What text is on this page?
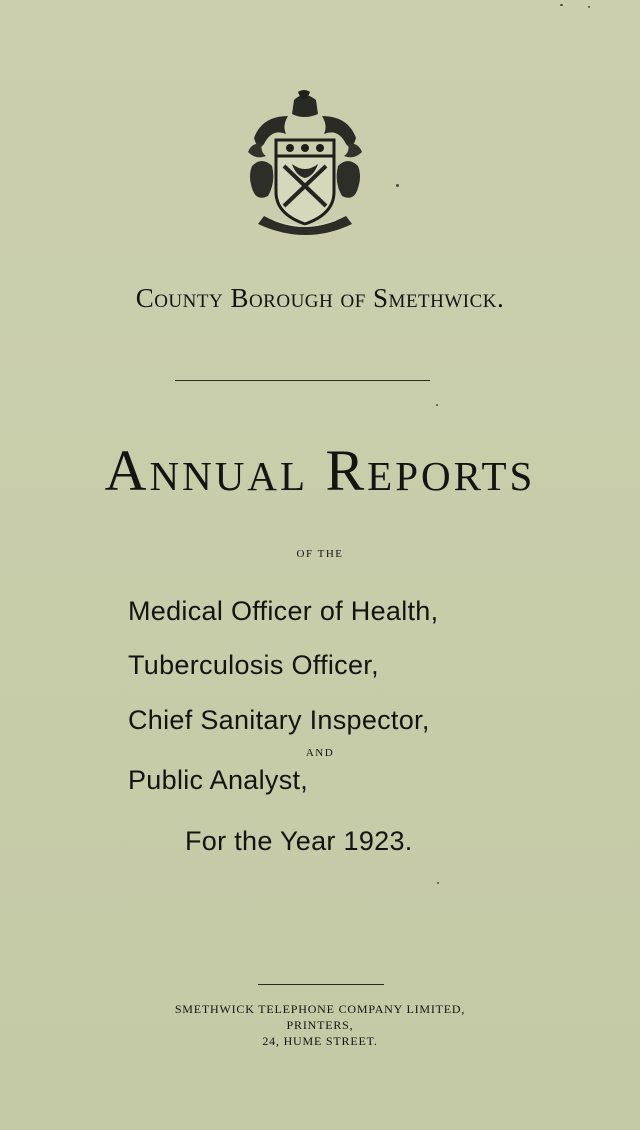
County Borough of Smethwick.
Annual Reports
OF THE
Medical Officer of Health,
Tuberculosis Officer,
Chief Sanitary Inspector,
AND
Public Analyst,
For the Year 1923.
SMETHWICK TELEPHONE COMPANY LIMITED,
PRINTERS,
24, HUME STREET.
